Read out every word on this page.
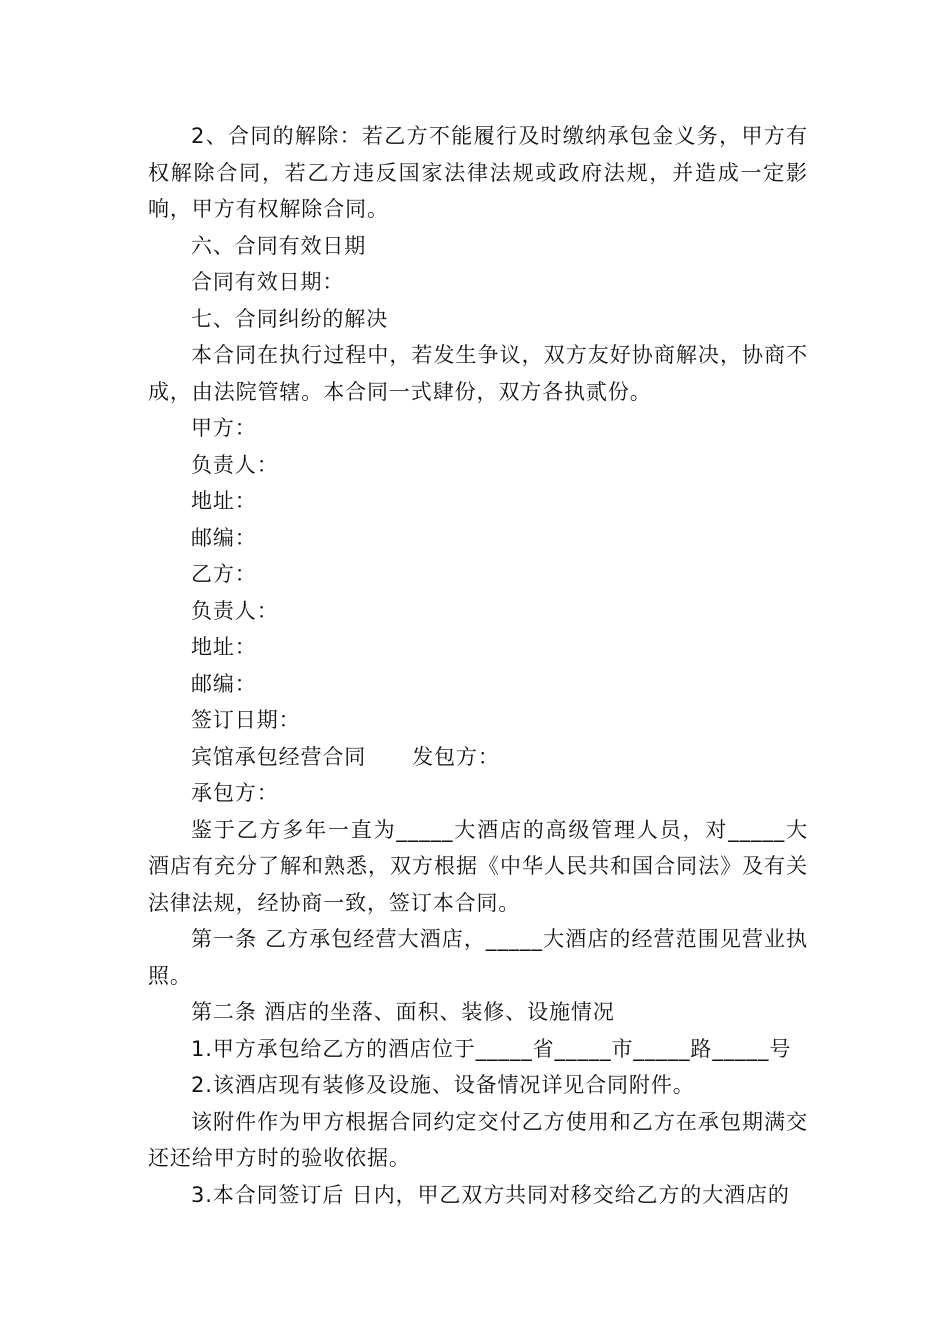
2、合同的解除：若乙方不能履行及时缴纳承包金义务，甲方有权解除合同，若乙方违反国家法律法规或政府法规，并造成一定影响，甲方有权解除合同。

六、合同有效日期

合同有效日期：

七、合同纠纷的解决

本合同在执行过程中，若发生争议，双方友好协商解决，协商不成，由法院管辖。本合同一式肆份，双方各执贰份。

甲方：

负责人：

地址：

邮编：

乙方：

负责人：

地址：

邮编：

签订日期：

宾馆承包经营合同 发包方：

承包方：

鉴于乙方多年一直为_____大酒店的高级管理人员，对_____大酒店有充分了解和熟悉，双方根据《中华人民共和国合同法》及有关法律法规，经协商一致，签订本合同。

第一条 乙方承包经营大酒店，_____大酒店的经营范围见营业执照。

第二条 酒店的坐落、面积、装修、设施情况

1.甲方承包给乙方的酒店位于_____省_____市_____路_____号

2.该酒店现有装修及设施、设备情况详见合同附件。

该附件作为甲方根据合同约定交付乙方使用和乙方在承包期满交还还给甲方时的验收依据。

3.本合同签订后 日内，甲乙双方共同对移交给乙方的大酒店的
